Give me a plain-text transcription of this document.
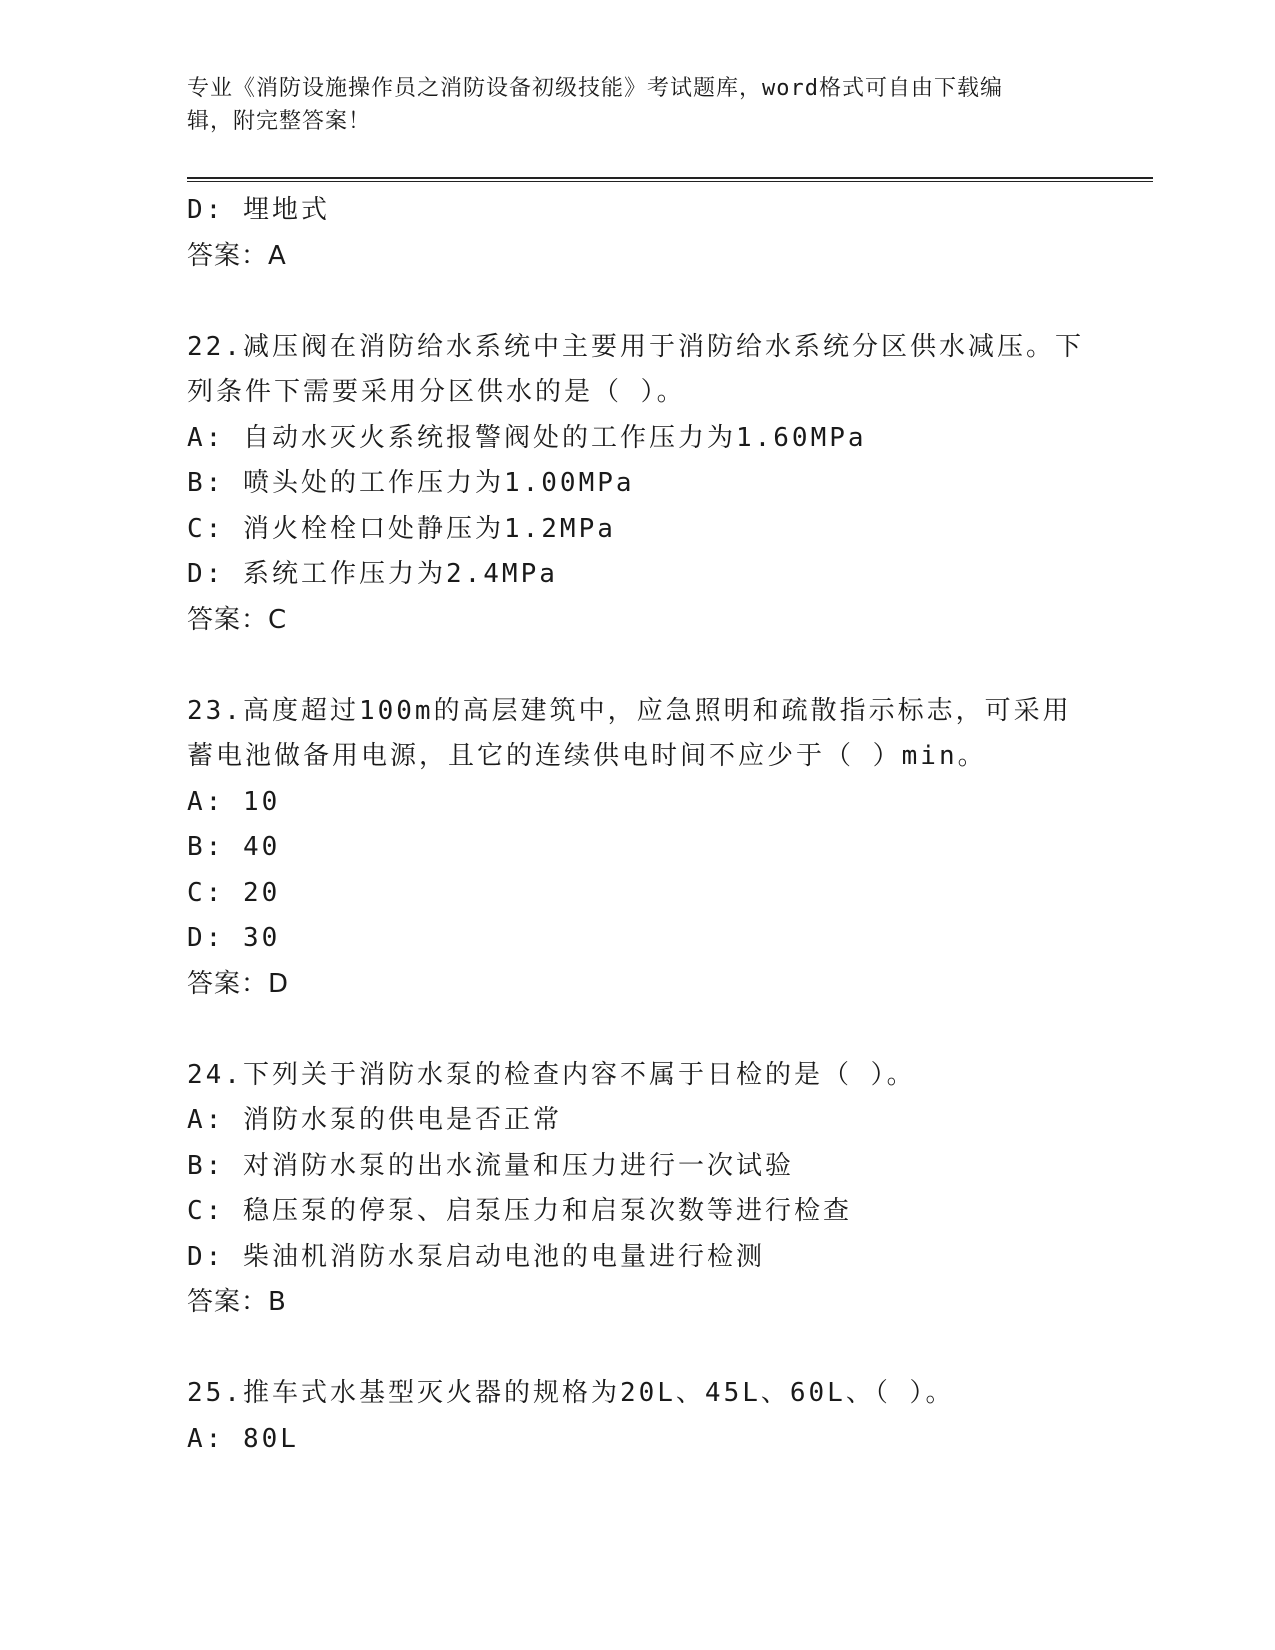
专业《消防设施操作员之消防设备初级技能》考试题库，word格式可自由下载编
辑，附完整答案！
D: 埋地式
答案：A
22.减压阀在消防给水系统中主要用于消防给水系统分区供水减压。下
列条件下需要采用分区供水的是（ ）。
A: 自动水灭火系统报警阀处的工作压力为1.60MPa
B: 喷头处的工作压力为1.00MPa
C: 消火栓栓口处静压为1.2MPa
D: 系统工作压力为2.4MPa
答案：C
23.高度超过100m的高层建筑中，应急照明和疏散指示标志，可采用
蓄电池做备用电源，且它的连续供电时间不应少于（ ）min。
A: 10
B: 40
C: 20
D: 30
答案：D
24.下列关于消防水泵的检查内容不属于日检的是（ ）。
A: 消防水泵的供电是否正常
B: 对消防水泵的出水流量和压力进行一次试验
C: 稳压泵的停泵、启泵压力和启泵次数等进行检查
D: 柴油机消防水泵启动电池的电量进行检测
答案：B
25.推车式水基型灭火器的规格为20L、45L、60L、（ ）。
A: 80L
